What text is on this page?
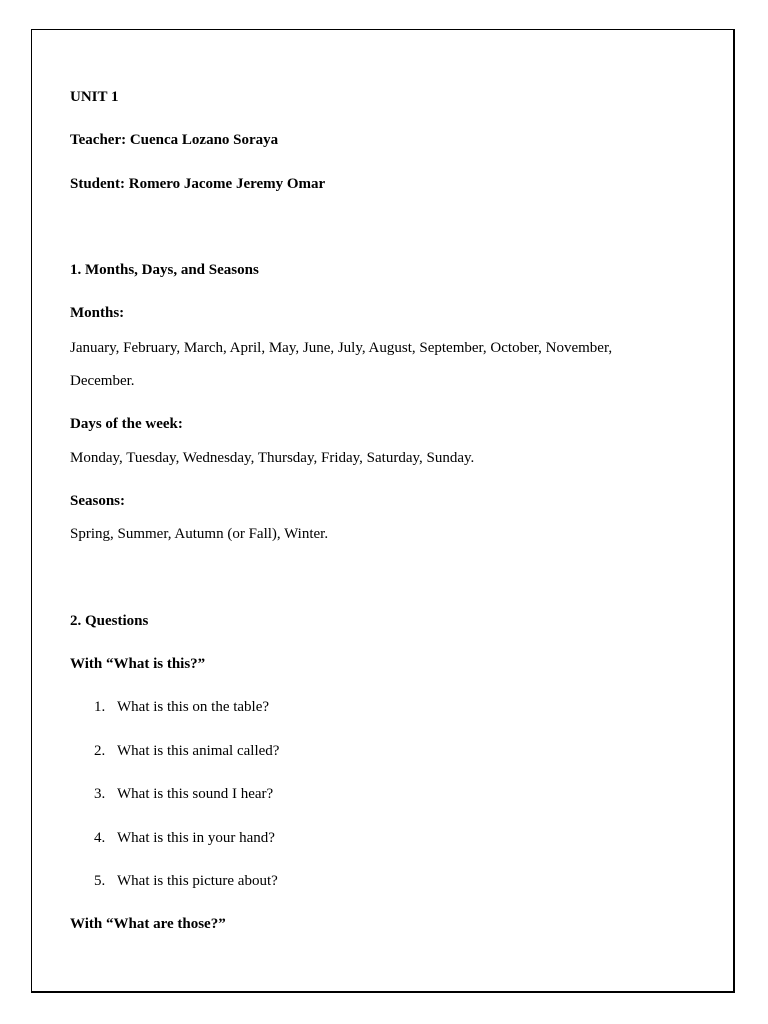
UNIT 1
Teacher: Cuenca Lozano Soraya
Student: Romero Jacome Jeremy Omar
1. Months, Days, and Seasons
Months:
January, February, March, April, May, June, July, August, September, October, November,
December.
Days of the week:
Monday, Tuesday, Wednesday, Thursday, Friday, Saturday, Sunday.
Seasons:
Spring, Summer, Autumn (or Fall), Winter.
2. Questions
With “What is this?”
1. What is this on the table?
2. What is this animal called?
3. What is this sound I hear?
4. What is this in your hand?
5. What is this picture about?
With “What are those?”
